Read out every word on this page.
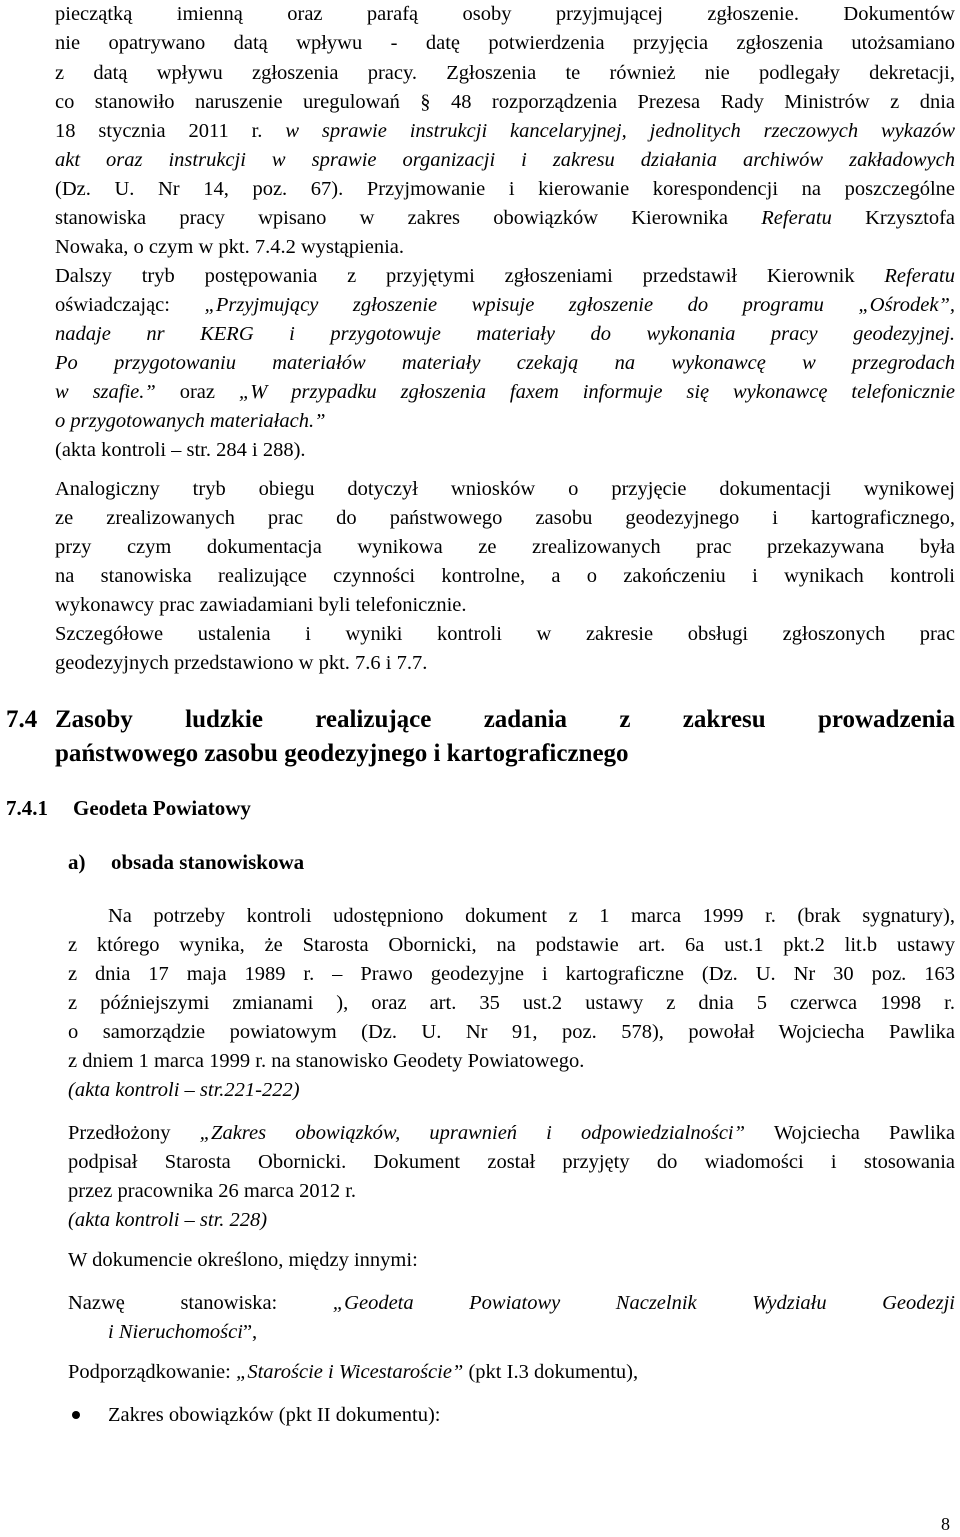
pieczątką imienną oraz parafą osoby przyjmującej zgłoszenie. Dokumentów
nie opatrywano datą wpływu - datę potwierdzenia przyjęcia zgłoszenia utożsamiano
z datą wpływu zgłoszenia pracy. Zgłoszenia te również nie podlegały dekretacji,
co stanowiło naruszenie uregulowań § 48 rozporządzenia Prezesa Rady Ministrów z dnia
18 stycznia 2011 r. w sprawie instrukcji kancelaryjnej, jednolitych rzeczowych wykazów
akt oraz instrukcji w sprawie organizacji i zakresu działania archiwów zakładowych
(Dz. U. Nr 14, poz. 67). Przyjmowanie i kierowanie korespondencji na poszczególne
stanowiska pracy wpisano w zakres obowiązków Kierownika Referatu Krzysztofa
Nowaka, o czym w pkt. 7.4.2 wystąpienia.
Dalszy tryb postępowania z przyjętymi zgłoszeniami przedstawił Kierownik Referatu
oświadczając: „Przyjmujący zgłoszenie wpisuje zgłoszenie do programu „Ośrodek”,
nadaje nr KERG i przygotowuje materiały do wykonania pracy geodezyjnej.
Po przygotowaniu materiałów materiały czekają na wykonawcę w przegrodach
w szafie.” oraz „W przypadku zgłoszenia faxem informuje się wykonawcę telefonicznie
o przygotowanych materiałach.”
(akta kontroli – str. 284 i 288).
Analogiczny tryb obiegu dotyczył wniosków o przyjęcie dokumentacji wynikowej
ze zrealizowanych prac do państwowego zasobu geodezyjnego i kartograficznego,
przy czym dokumentacja wynikowa ze zrealizowanych prac przekazywana była
na stanowiska realizujące czynności kontrolne, a o zakończeniu i wynikach kontroli
wykonawcy prac zawiadamiani byli telefonicznie.
Szczegółowe ustalenia i wyniki kontroli w zakresie obsługi zgłoszonych prac
geodezyjnych przedstawiono w pkt. 7.6 i 7.7.
7.4 Zasoby ludzkie realizujące zadania z zakresu prowadzenia
państwowego zasobu geodezyjnego i kartograficznego
7.4.1 Geodeta Powiatowy
a) obsada stanowiskowa
Na potrzeby kontroli udostępniono dokument z 1 marca 1999 r. (brak sygnatury),
z którego wynika, że Starosta Obornicki, na podstawie art. 6a ust.1 pkt.2 lit.b ustawy
z dnia 17 maja 1989 r. – Prawo geodezyjne i kartograficzne (Dz. U. Nr 30 poz. 163
z późniejszymi zmianami ), oraz art. 35 ust.2 ustawy z dnia 5 czerwca 1998 r.
o samorządzie powiatowym (Dz. U. Nr 91, poz. 578), powołał Wojciecha Pawlika
z dniem 1 marca 1999 r. na stanowisko Geodety Powiatowego.
(akta kontroli – str.221-222)
Przedłożony „Zakres obowiązków, uprawnień i odpowiedzialności” Wojciecha Pawlika
podpisał Starosta Obornicki. Dokument został przyjęty do wiadomości i stosowania
przez pracownika 26 marca 2012 r.
(akta kontroli – str. 228)
W dokumencie określono, między innymi:
Nazwę stanowiska:	„Geodeta Powiatowy Naczelnik Wydziału Geodezji
i Nieruchomości”,
Podporządkowanie: „Staroście i Wicestaroście” (pkt I.3 dokumentu),
Zakres obowiązków (pkt II dokumentu):
8
